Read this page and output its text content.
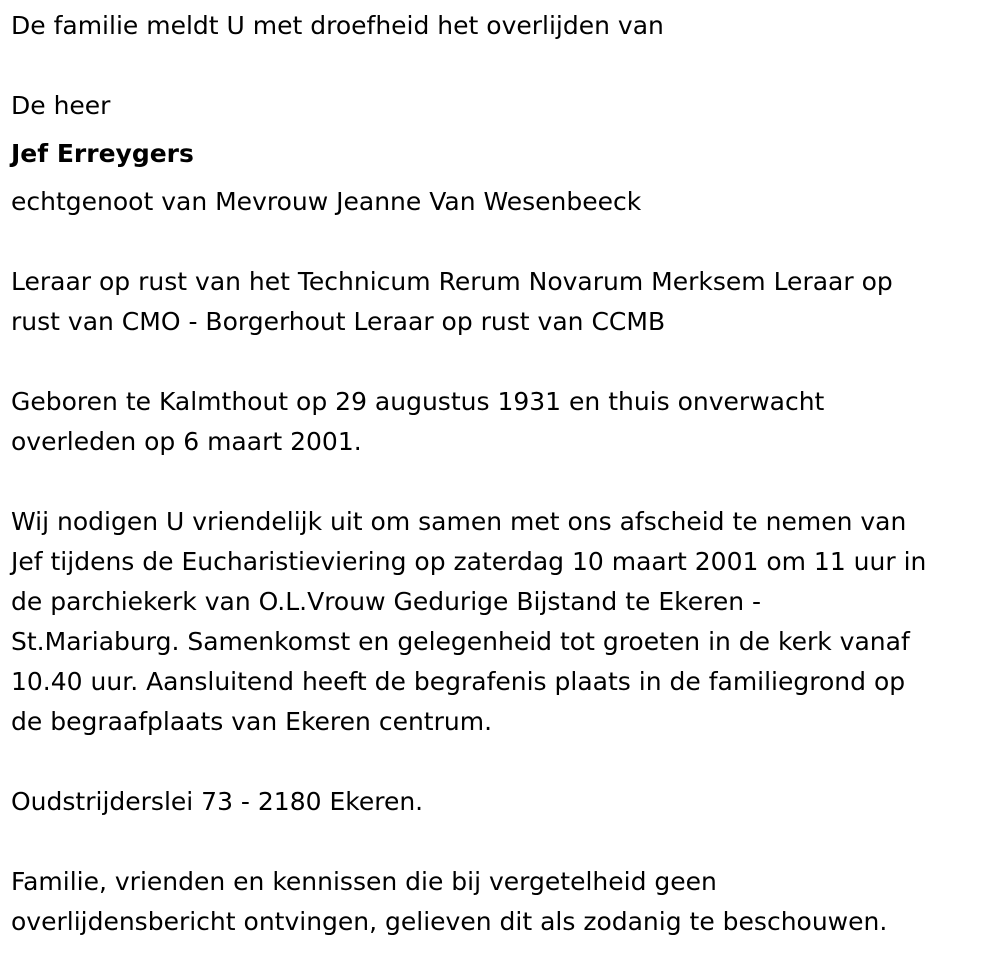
De familie meldt U met droefheid het overlijden van
De heer
Jef Erreygers
echtgenoot van Mevrouw Jeanne Van Wesenbeeck
Leraar op rust van het Technicum Rerum Novarum Merksem Leraar op
rust van CMO - Borgerhout Leraar op rust van CCMB
Geboren te Kalmthout op 29 augustus 1931 en thuis onverwacht
overleden op 6 maart 2001.
Wij nodigen U vriendelijk uit om samen met ons afscheid te nemen van
Jef tijdens de Eucharistieviering op zaterdag 10 maart 2001 om 11 uur in
de parchiekerk van O.L.Vrouw Gedurige Bijstand te Ekeren -
St.Mariaburg. Samenkomst en gelegenheid tot groeten in de kerk vanaf
10.40 uur. Aansluitend heeft de begrafenis plaats in de familiegrond op
de begraafplaats van Ekeren centrum.
Oudstrijderslei 73 - 2180 Ekeren.
Familie, vrienden en kennissen die bij vergetelheid geen
overlijdensbericht ontvingen, gelieven dit als zodanig te beschouwen.
